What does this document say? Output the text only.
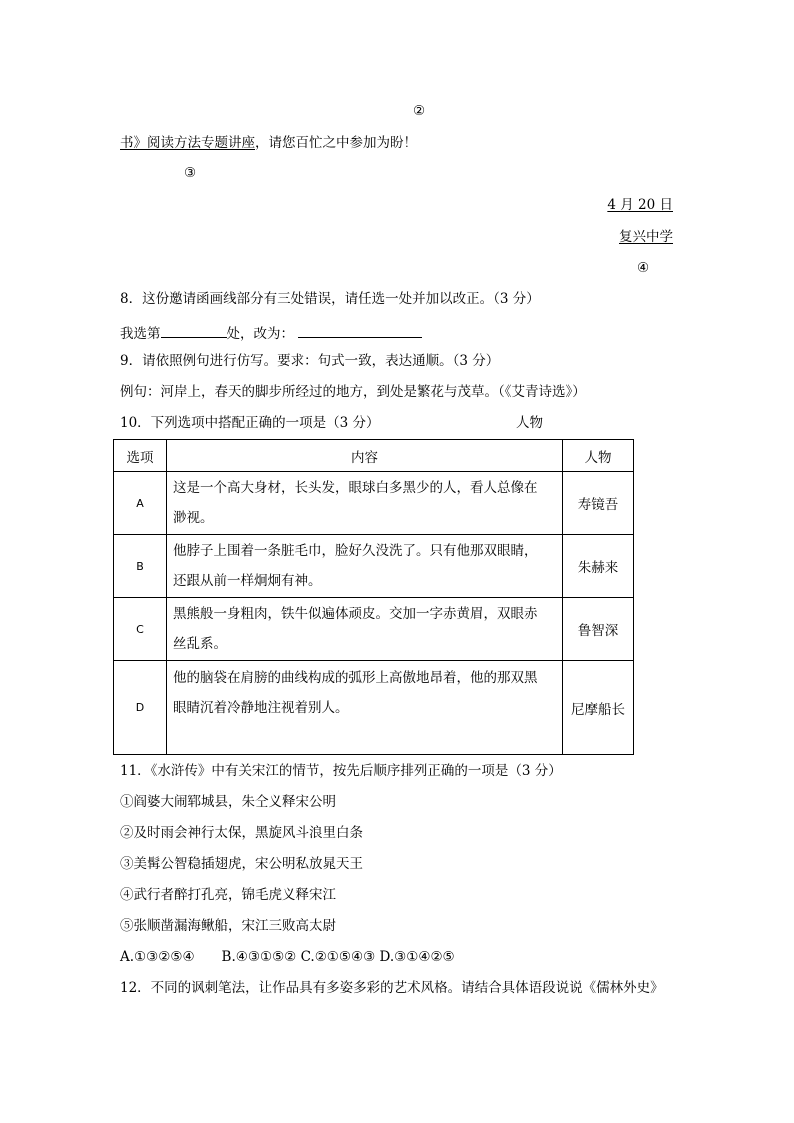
②
书》阅读方法专题讲座，请您百忙之中参加为盼！
③
4 月 20 日
复兴中学
④
8．这份邀请函画线部分有三处错误，请任选一处并加以改正。（3 分）
我选第	处，改为：
9．请依照例句进行仿写。要求：句式一致，表达通顺。（3 分）
例句：河岸上，春天的脚步所经过的地方，到处是繁花与茂草。（《艾青诗选》）
10．下列选项中搭配正确的一项是（3 分）	人物
选项	内容	人物
A	这是一个高大身材，长头发，眼球白多黑少的人，看人总像在
渺视。	寿镜吾
B	他脖子上围着一条脏毛巾，脸好久没洗了。只有他那双眼睛，
还跟从前一样炯炯有神。	朱赫来
C	黑熊般一身粗肉，铁牛似遍体顽皮。交加一字赤黄眉，双眼赤
丝乱系。	鲁智深
D	他的脑袋在肩膀的曲线构成的弧形上高傲地昂着，他的那双黑
眼睛沉着冷静地注视着别人。	尼摩船长
11．《水浒传》中有关宋江的情节，按先后顺序排列正确的一项是（3 分）
①阎婆大闹郓城县，朱仝义释宋公明
②及时雨会神行太保，黑旋风斗浪里白条
③美髯公智稳插翅虎，宋公明私放晁天王
④武行者醉打孔亮，锦毛虎义释宋江
⑤张顺凿漏海鳅船，宋江三败高太尉
A.①③②⑤④　　B.④③①⑤② C.②①⑤④③ D.③①④②⑤
12．不同的讽刺笔法，让作品具有多姿多彩的艺术风格。请结合具体语段说说《儒林外史》
